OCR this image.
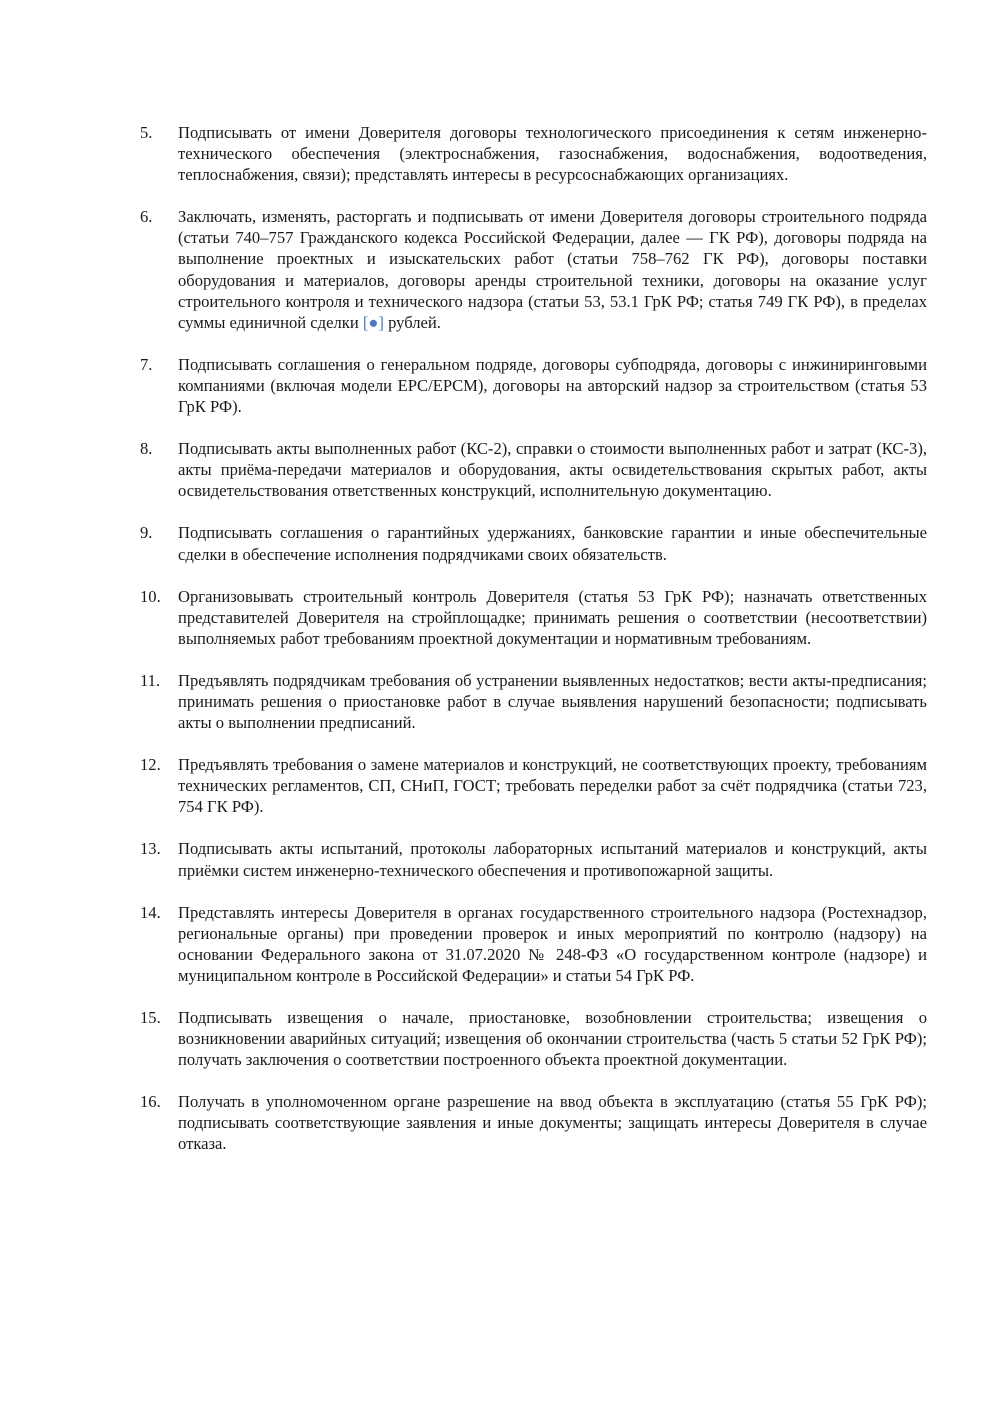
5.	Подписывать от имени Доверителя договоры технологического присоединения к сетям инженерно-технического обеспечения (электроснабжения, газоснабжения, водоснабжения, водоотведения, теплоснабжения, связи); представлять интересы в ресурсоснабжающих организациях.
6.	Заключать, изменять, расторгать и подписывать от имени Доверителя договоры строительного подряда (статьи 740–757 Гражданского кодекса Российской Федерации, далее — ГК РФ), договоры подряда на выполнение проектных и изыскательских работ (статьи 758–762 ГК РФ), договоры поставки оборудования и материалов, договоры аренды строительной техники, договоры на оказание услуг строительного контроля и технического надзора (статьи 53, 53.1 ГрК РФ; статья 749 ГК РФ), в пределах суммы единичной сделки [●] рублей.
7.	Подписывать соглашения о генеральном подряде, договоры субподряда, договоры с инжиниринговыми компаниями (включая модели EPC/EPCM), договоры на авторский надзор за строительством (статья 53 ГрК РФ).
8.	Подписывать акты выполненных работ (КС-2), справки о стоимости выполненных работ и затрат (КС-3), акты приёма-передачи материалов и оборудования, акты освидетельствования скрытых работ, акты освидетельствования ответственных конструкций, исполнительную документацию.
9.	Подписывать соглашения о гарантийных удержаниях, банковские гарантии и иные обеспечительные сделки в обеспечение исполнения подрядчиками своих обязательств.
10.	Организовывать строительный контроль Доверителя (статья 53 ГрК РФ); назначать ответственных представителей Доверителя на стройплощадке; принимать решения о соответствии (несоответствии) выполняемых работ требованиям проектной документации и нормативным требованиям.
11.	Предъявлять подрядчикам требования об устранении выявленных недостатков; вести акты-предписания; принимать решения о приостановке работ в случае выявления нарушений безопасности; подписывать акты о выполнении предписаний.
12.	Предъявлять требования о замене материалов и конструкций, не соответствующих проекту, требованиям технических регламентов, СП, СНиП, ГОСТ; требовать переделки работ за счёт подрядчика (статьи 723, 754 ГК РФ).
13.	Подписывать акты испытаний, протоколы лабораторных испытаний материалов и конструкций, акты приёмки систем инженерно-технического обеспечения и противопожарной защиты.
14.	Представлять интересы Доверителя в органах государственного строительного надзора (Ростехнадзор, региональные органы) при проведении проверок и иных мероприятий по контролю (надзору) на основании Федерального закона от 31.07.2020 № 248-ФЗ «О государственном контроле (надзоре) и муниципальном контроле в Российской Федерации» и статьи 54 ГрК РФ.
15.	Подписывать извещения о начале, приостановке, возобновлении строительства; извещения о возникновении аварийных ситуаций; извещения об окончании строительства (часть 5 статьи 52 ГрК РФ); получать заключения о соответствии построенного объекта проектной документации.
16.	Получать в уполномоченном органе разрешение на ввод объекта в эксплуатацию (статья 55 ГрК РФ); подписывать соответствующие заявления и иные документы; защищать интересы Доверителя в случае отказа.
